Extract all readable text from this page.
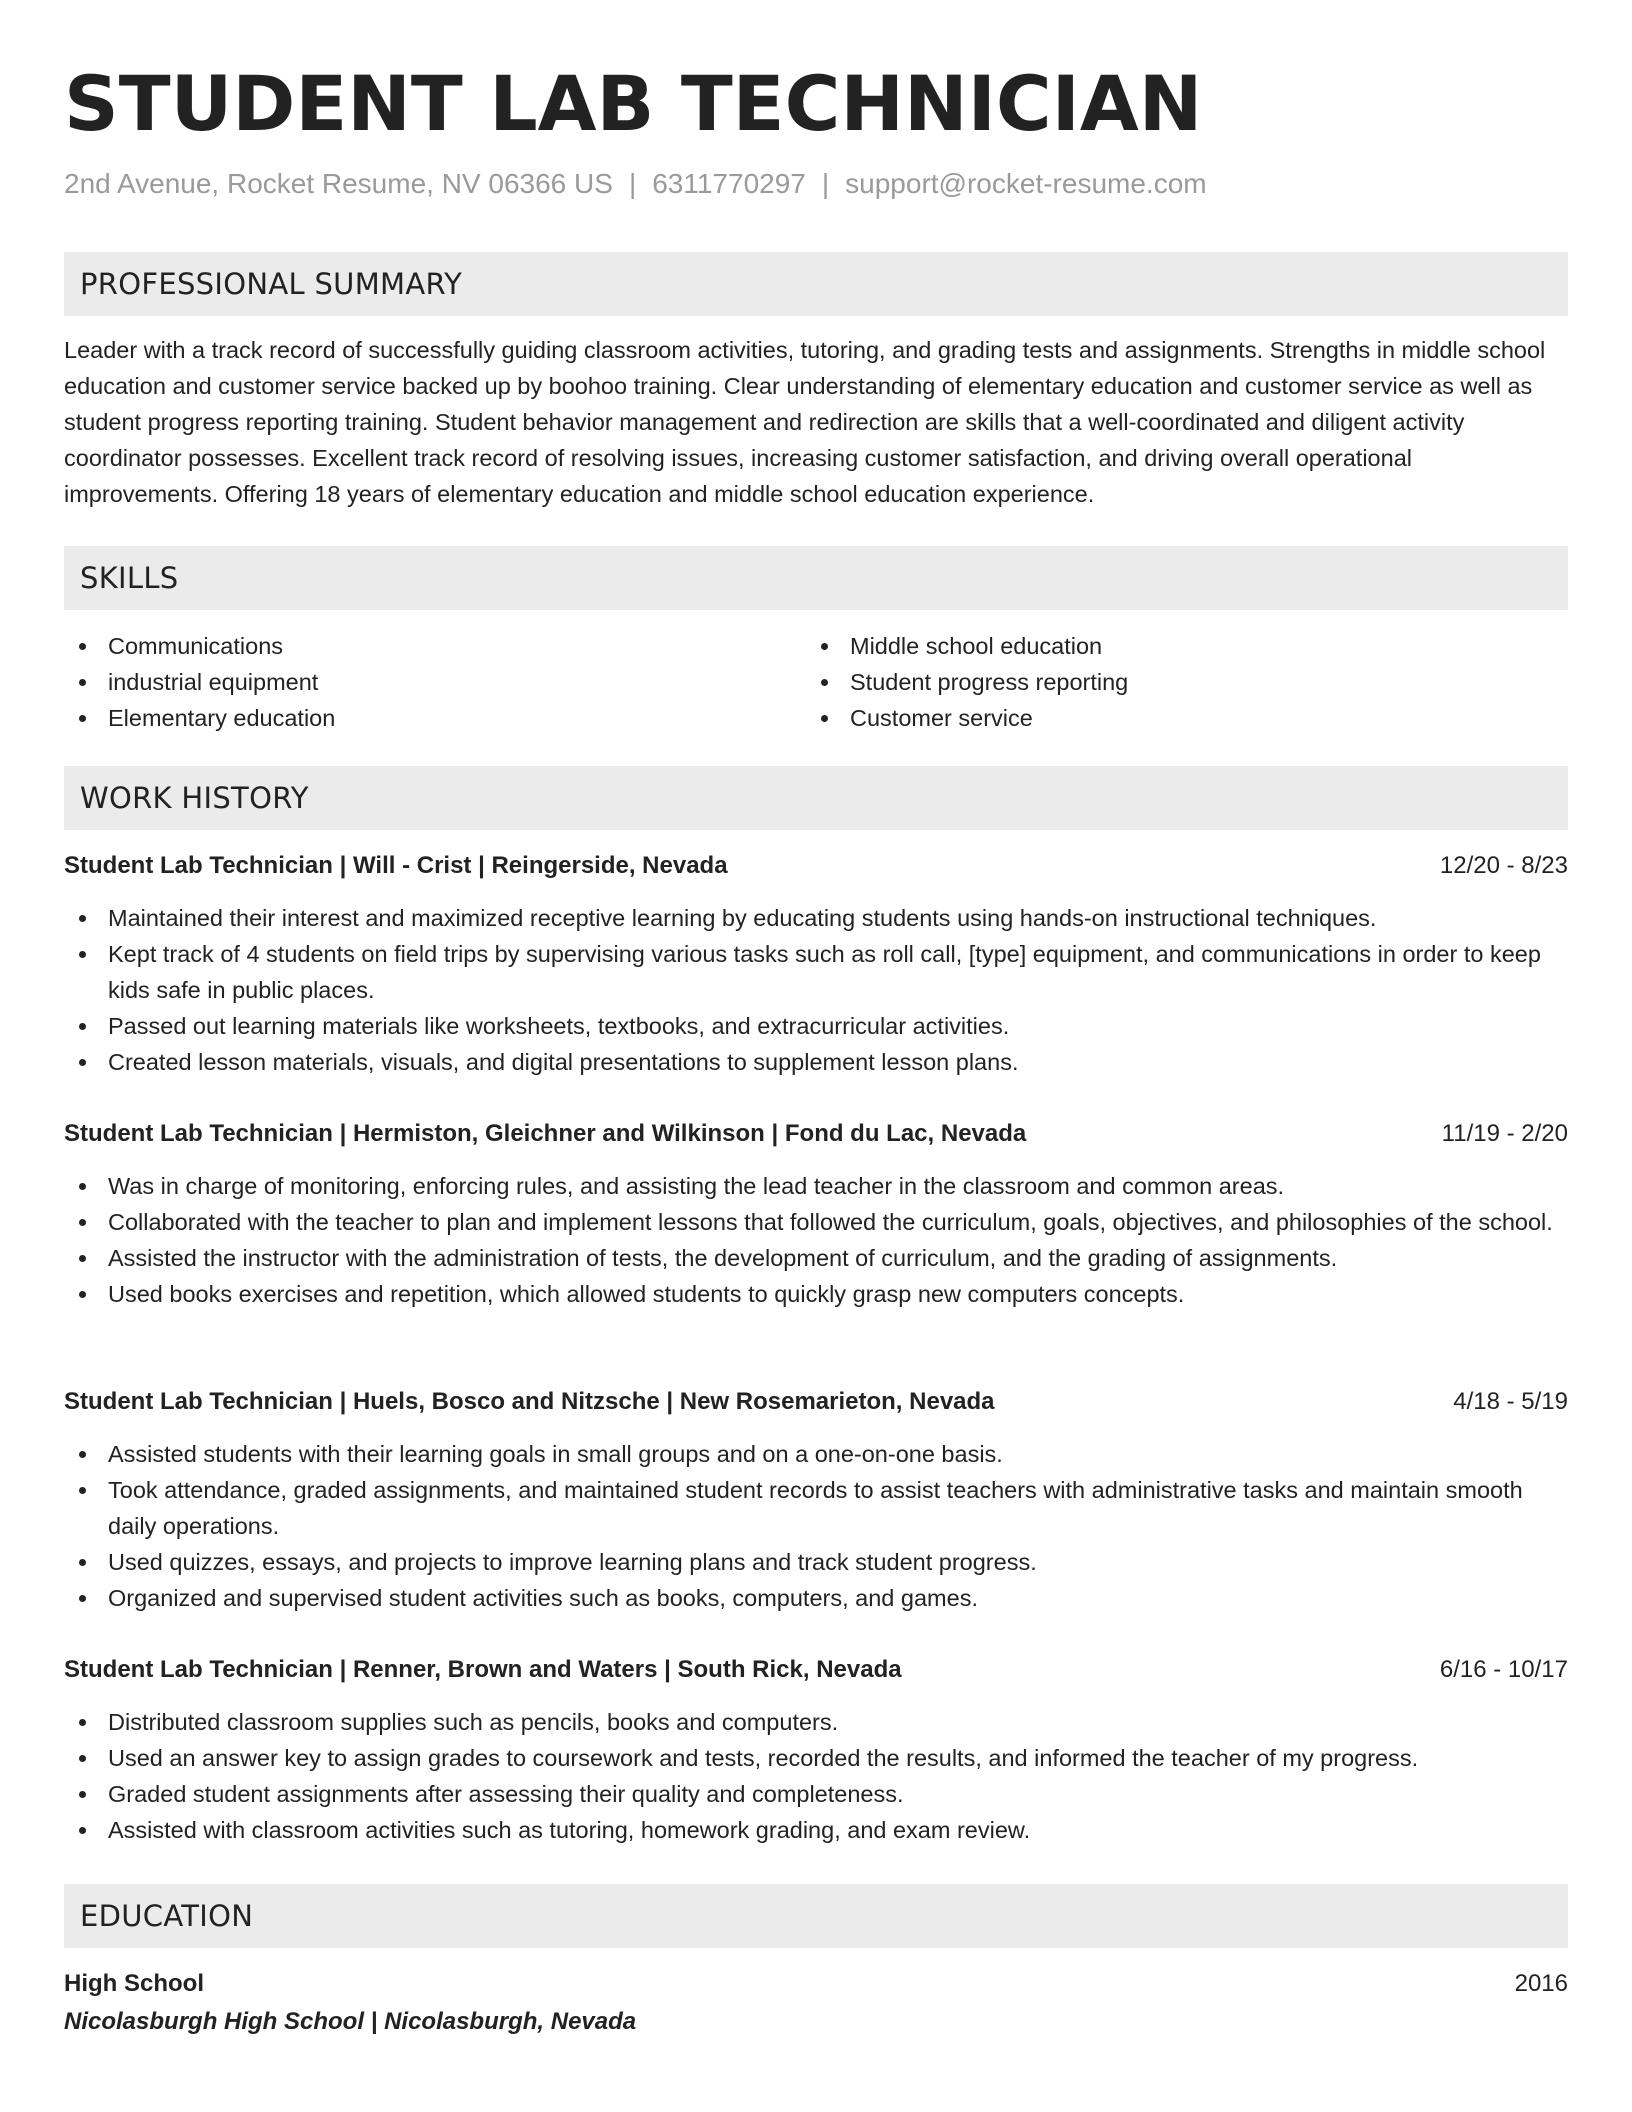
STUDENT LAB TECHNICIAN
2nd Avenue, Rocket Resume, NV 06366 US | 6311770297 | support@rocket-resume.com
PROFESSIONAL SUMMARY

Leader with a track record of successfully guiding classroom activities, tutoring, and grading tests and assignments. Strengths in middle school education and customer service backed up by boohoo training. Clear understanding of elementary education and customer service as well as student progress reporting training. Student behavior management and redirection are skills that a well-coordinated and diligent activity coordinator possesses. Excellent track record of resolving issues, increasing customer satisfaction, and driving overall operational improvements. Offering 18 years of elementary education and middle school education experience.

SKILLS
Communications
industrial equipment
Elementary education
Middle school education
Student progress reporting
Customer service
WORK HISTORY
Student Lab Technician | Will - Crist | Reingerside, Nevada	12/20 - 8/23
Maintained their interest and maximized receptive learning by educating students using hands-on instructional techniques.
Kept track of 4 students on field trips by supervising various tasks such as roll call, [type] equipment, and communications in order to keep kids safe in public places.
Passed out learning materials like worksheets, textbooks, and extracurricular activities.
Created lesson materials, visuals, and digital presentations to supplement lesson plans.
Student Lab Technician | Hermiston, Gleichner and Wilkinson | Fond du Lac, Nevada	11/19 - 2/20
Was in charge of monitoring, enforcing rules, and assisting the lead teacher in the classroom and common areas.
Collaborated with the teacher to plan and implement lessons that followed the curriculum, goals, objectives, and philosophies of the school.
Assisted the instructor with the administration of tests, the development of curriculum, and the grading of assignments.
Used books exercises and repetition, which allowed students to quickly grasp new computers concepts.
Student Lab Technician | Huels, Bosco and Nitzsche | New Rosemarieton, Nevada	4/18 - 5/19
Assisted students with their learning goals in small groups and on a one-on-one basis.
Took attendance, graded assignments, and maintained student records to assist teachers with administrative tasks and maintain smooth daily operations.
Used quizzes, essays, and projects to improve learning plans and track student progress.
Organized and supervised student activities such as books, computers, and games.
Student Lab Technician | Renner, Brown and Waters | South Rick, Nevada	6/16 - 10/17
Distributed classroom supplies such as pencils, books and computers.
Used an answer key to assign grades to coursework and tests, recorded the results, and informed the teacher of my progress.
Graded student assignments after assessing their quality and completeness.
Assisted with classroom activities such as tutoring, homework grading, and exam review.
EDUCATION
High School	2016
Nicolasburgh High School | Nicolasburgh, Nevada
